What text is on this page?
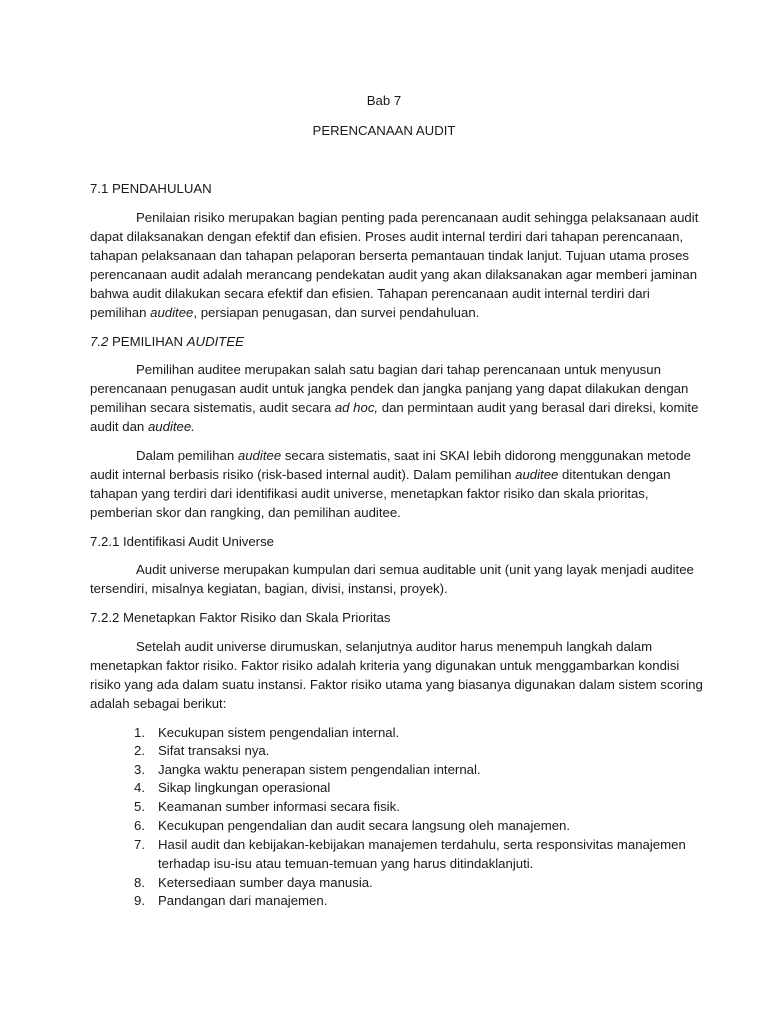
Bab 7
PERENCANAAN AUDIT
7.1 PENDAHULUAN
Penilaian risiko merupakan bagian penting pada perencanaan audit sehingga pelaksanaan audit
dapat dilaksanakan dengan efektif dan efisien. Proses audit internal terdiri dari tahapan perencanaan,
tahapan pelaksanaan dan tahapan pelaporan berserta pemantauan tindak lanjut. Tujuan utama proses
perencanaan audit adalah merancang pendekatan audit yang akan dilaksanakan agar memberi jaminan
bahwa audit dilakukan secara efektif dan efisien. Tahapan perencanaan audit internal terdiri dari
pemilihan auditee, persiapan penugasan, dan survei pendahuluan.
7.2 PEMILIHAN AUDITEE
Pemilihan auditee merupakan salah satu bagian dari tahap perencanaan untuk menyusun
perencanaan penugasan audit untuk jangka pendek dan jangka panjang yang dapat dilakukan dengan
pemilihan secara sistematis, audit secara ad hoc, dan permintaan audit yang berasal dari direksi, komite
audit dan auditee.
Dalam pemilihan auditee secara sistematis, saat ini SKAI lebih didorong menggunakan metode
audit internal berbasis risiko (risk-based internal audit). Dalam pemilihan auditee ditentukan dengan
tahapan yang terdiri dari identifikasi audit universe, menetapkan faktor risiko dan skala prioritas,
pemberian skor dan rangking, dan pemilihan auditee.
7.2.1 Identifikasi Audit Universe
Audit universe merupakan kumpulan dari semua auditable unit (unit yang layak menjadi auditee
tersendiri, misalnya kegiatan, bagian, divisi, instansi, proyek).
7.2.2 Menetapkan Faktor Risiko dan Skala Prioritas
Setelah audit universe dirumuskan, selanjutnya auditor harus menempuh langkah dalam
menetapkan faktor risiko. Faktor risiko adalah kriteria yang digunakan untuk menggambarkan kondisi
risiko yang ada dalam suatu instansi. Faktor risiko utama yang biasanya digunakan dalam sistem scoring
adalah sebagai berikut:
1. Kecukupan sistem pengendalian internal.
2. Sifat transaksi nya.
3. Jangka waktu penerapan sistem pengendalian internal.
4. Sikap lingkungan operasional
5. Keamanan sumber informasi secara fisik.
6. Kecukupan pengendalian dan audit secara langsung oleh manajemen.
7. Hasil audit dan kebijakan-kebijakan manajemen terdahulu, serta responsivitas manajemen
terhadap isu-isu atau temuan-temuan yang harus ditindaklanjuti.
8. Ketersediaan sumber daya manusia.
9. Pandangan dari manajemen.
